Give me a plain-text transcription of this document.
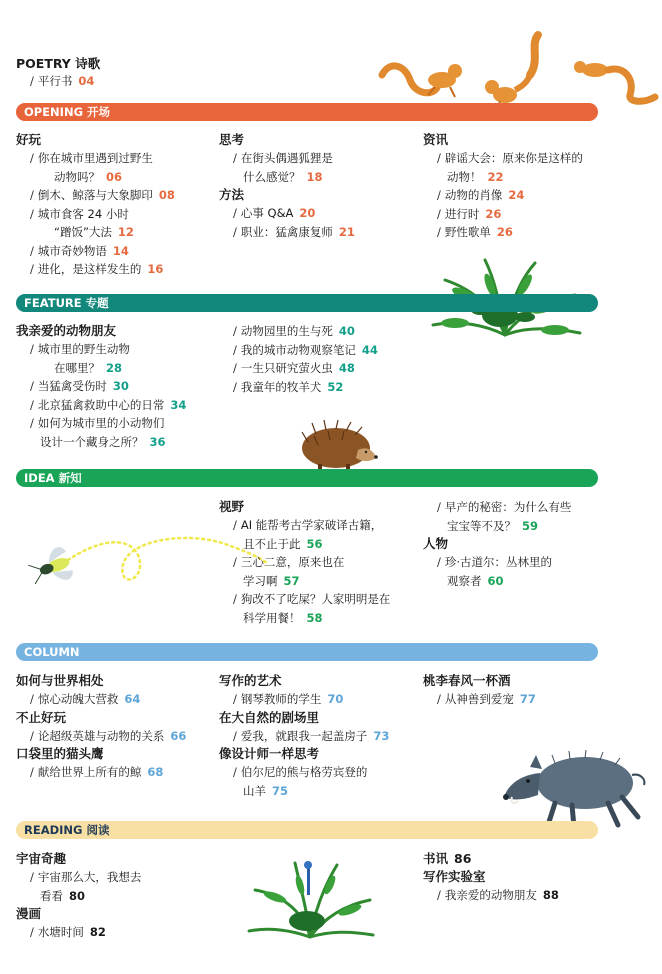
POETRY 诗歌
/ 平行书 04
OPENING 开场
好玩
/ 你在城市里遇到过野生
动物吗？ 06
/ 倒木、鲸落与大象脚印 08
/ 城市食客 24 小时
“蹭饭”大法 12
/ 城市奇妙物语 14
/ 进化，是这样发生的 16
思考
/ 在街头偶遇狐狸是
什么感觉？ 18
方法
/ 心事 Q&A 20
/ 职业：猛禽康复师 21
资讯
/ 辟谣大会：原来你是这样的
动物！ 22
/ 动物的肖像 24
/ 进行时 26
/ 野性歌单 26
FEATURE 专题
我亲爱的动物朋友
/ 城市里的野生动物
在哪里？ 28
/ 当猛禽受伤时 30
/ 北京猛禽救助中心的日常 34
/ 如何为城市里的小动物们
设计一个藏身之所？ 36
/ 动物园里的生与死 40
/ 我的城市动物观察笔记 44
/ 一生只研究萤火虫 48
/ 我童年的牧羊犬 52
IDEA 新知
视野
/ AI 能帮考古学家破译古籍，
且不止于此 56
/ 三心二意，原来也在
学习啊 57
/ 狗改不了吃屎？人家明明是在
科学用餐！ 58
/ 早产的秘密：为什么有些
宝宝等不及？ 59
人物
/ 珍·古道尔：丛林里的
观察者 60
COLUMN
如何与世界相处
/ 惊心动魄大营救 64
不止好玩
/ 论超级英雄与动物的关系 66
口袋里的猫头鹰
/ 献给世界上所有的鲸 68
写作的艺术
/ 钢琴教师的学生 70
在大自然的剧场里
/ 爱我，就跟我一起盖房子 73
像设计师一样思考
/ 伯尔尼的熊与格劳宾登的
山羊 75
桃李春风一杯酒
/ 从神兽到爱宠 77
READING 阅读
宇宙奇趣
/ 宇宙那么大，我想去
看看 80
漫画
/ 水塘时间 82
书讯 86
写作实验室
/ 我亲爱的动物朋友 88
